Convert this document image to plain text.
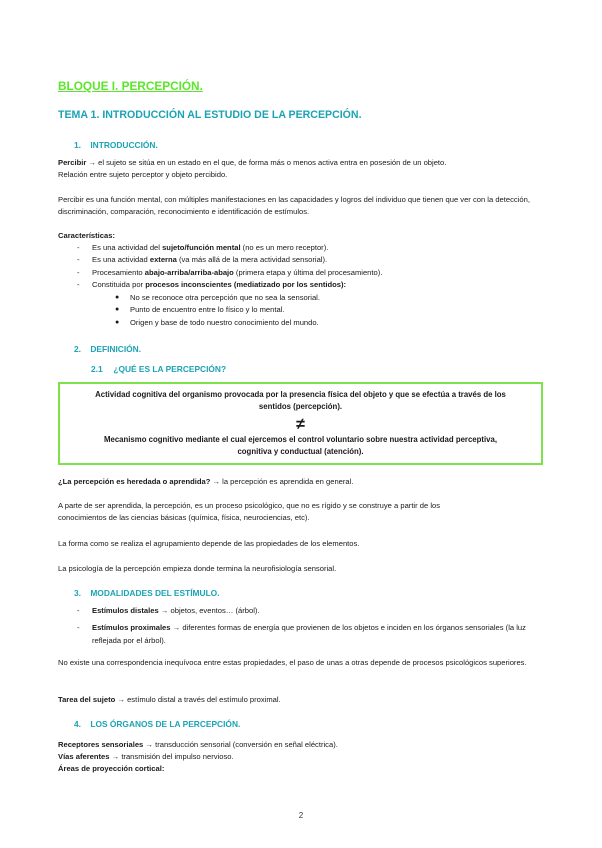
BLOQUE I. PERCEPCIÓN.

TEMA 1. INTRODUCCIÓN AL ESTUDIO DE LA PERCEPCIÓN.

1. INTRODUCCIÓN.

Percibir → el sujeto se sitúa en un estado en el que, de forma más o menos activa entra en posesión de un objeto.

Relación entre sujeto perceptor y objeto percibido.

Percibir es una función mental, con múltiples manifestaciones en las capacidades y logros del individuo que tienen que ver con la detección, discriminación, comparación, reconocimiento e identificación de estímulos.

Características:

- Es una actividad del sujeto/función mental (no es un mero receptor).
- Es una actividad externa (va más allá de la mera actividad sensorial).
- Procesamiento abajo-arriba/arriba-abajo (primera etapa y última del procesamiento).
- Constituida por procesos inconscientes (mediatizado por los sentidos):
● No se reconoce otra percepción que no sea la sensorial.
● Punto de encuentro entre lo físico y lo mental.
● Origen y base de todo nuestro conocimiento del mundo.

2. DEFINICIÓN.

2.1 ¿QUÉ ES LA PERCEPCIÓN?

Actividad cognitiva del organismo provocada por la presencia física del objeto y que se efectúa a través de los

sentidos (percepción).

≠

Mecanismo cognitivo mediante el cual ejercemos el control voluntario sobre nuestra actividad perceptiva,

cognitiva y conductual (atención).

¿La percepción es heredada o aprendida? → la percepción es aprendida en general.

A parte de ser aprendida, la percepción, es un proceso psicológico, que no es rígido y se construye a partir de los

conocimientos de las ciencias básicas (química, física, neurociencias, etc).

La forma como se realiza el agrupamiento depende de las propiedades de los elementos.

La psicología de la percepción empieza donde termina la neurofisiología sensorial.

3. MODALIDADES DEL ESTÍMULO.

- Estímulos distales → objetos, eventos… (árbol).
- Estímulos proximales → diferentes formas de energía que provienen de los objetos e inciden en los órganos sensoriales (la luz reflejada por el árbol).

No existe una correspondencia inequívoca entre estas propiedades, el paso de unas a otras depende de procesos psicológicos superiores.

Tarea del sujeto → estímulo distal a través del estímulo proximal.

4. LOS ÓRGANOS DE LA PERCEPCIÓN.

Receptores sensoriales → transducción sensorial (conversión en señal eléctrica).

Vías aferentes → transmisión del impulso nervioso.

Áreas de proyección cortical:

2
